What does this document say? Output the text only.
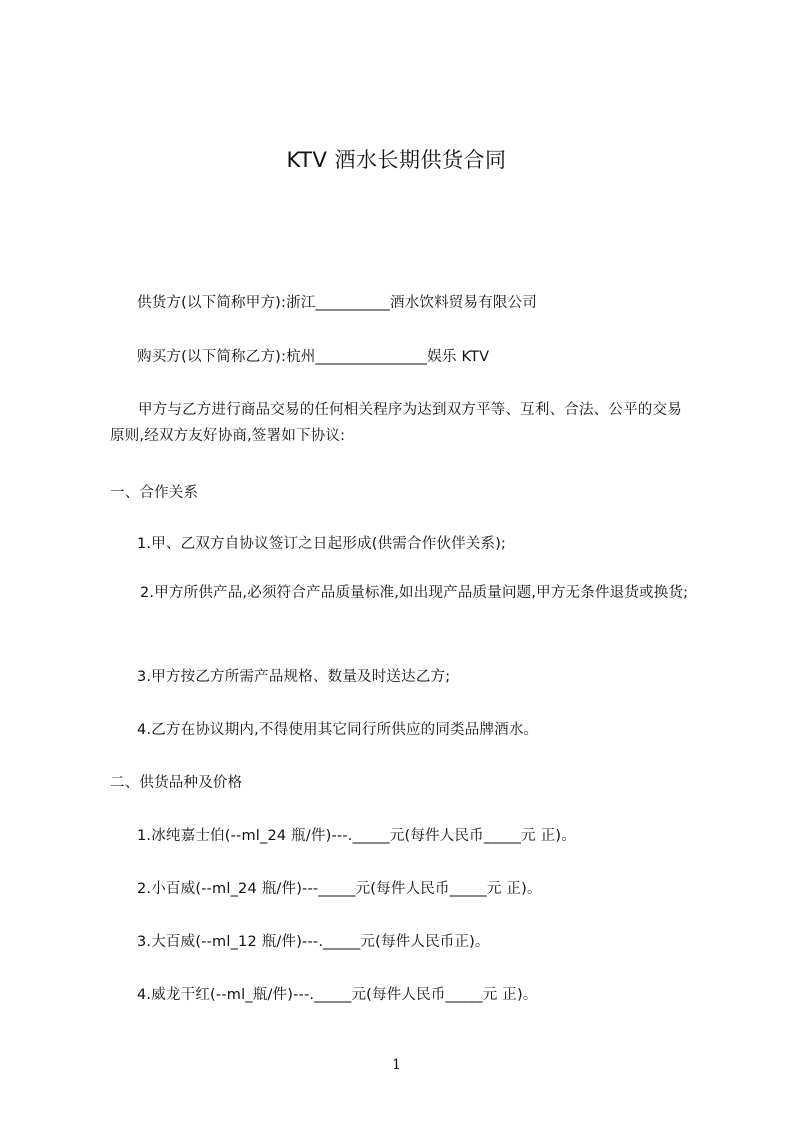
KTV 酒水长期供货合同
供货方(以下简称甲方):浙江__________酒水饮料贸易有限公司
购买方(以下简称乙方):杭州_______________娱乐 KTV
甲方与乙方进行商品交易的任何相关程序为达到双方平等、互利、合法、公平的交易原则,经双方友好协商,签署如下协议:
一、合作关系
1.甲、乙双方自协议签订之日起形成(供需合作伙伴关系);
2.甲方所供产品,必须符合产品质量标准,如出现产品质量问题,甲方无条件退货或换货;
3.甲方按乙方所需产品规格、数量及时送达乙方;
4.乙方在协议期内,不得使用其它同行所供应的同类品牌酒水。
二、供货品种及价格
1.冰纯嘉士伯(--ml_24 瓶/件)---._____元(每件人民币_____元 正)。
2.小百威(--ml_24 瓶/件)---_____元(每件人民币_____元 正)。
3.大百威(--ml_12 瓶/件)---._____元(每件人民币正)。
4.威龙干红(--ml_瓶/件)---._____元(每件人民币_____元 正)。
1
